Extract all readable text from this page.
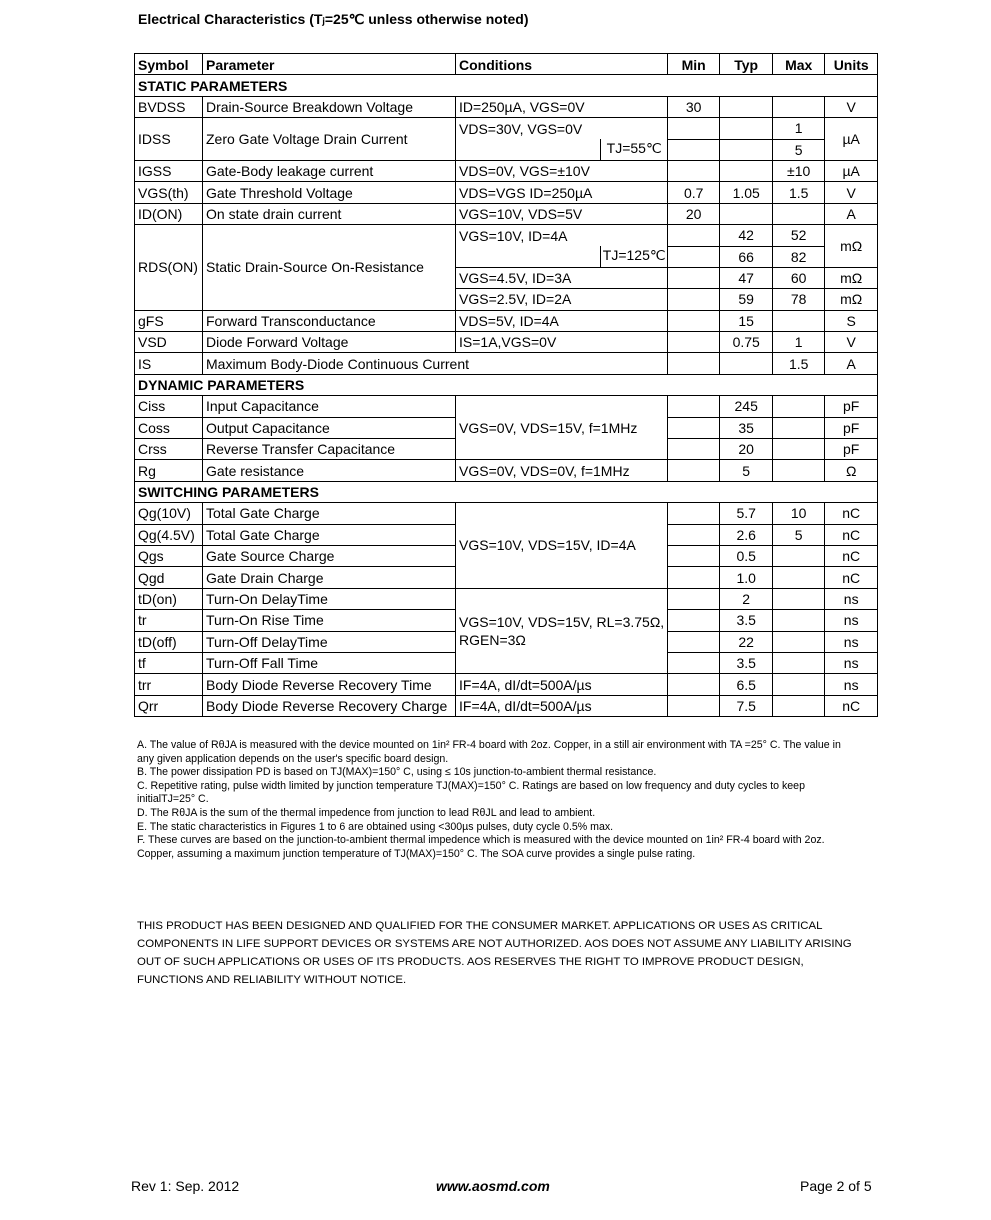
Electrical Characteristics (Tⱼ=25℃ unless otherwise noted)
Symbol	Parameter	Conditions	Min	Typ	Max	Units
STATIC PARAMETERS						
BVDSS	Drain-Source Breakdown Voltage	ID=250µA, VGS=0V	30			V
IDSS	Zero Gate Voltage Drain Current	VDS=30V, VGS=0V			1	µA

		TJ=55℃			5	
IGSS	Gate-Body leakage current	VDS=0V, VGS=±10V			±10	µA
VGS(th)	Gate Threshold Voltage	VDS=VGS ID=250µA	0.7	1.05	1.5	V
ID(ON)	On state drain current	VGS=10V, VDS=5V	20			A
RDS(ON)	Static Drain-Source On-Resistance	VGS=10V, ID=4A		42	52	mΩ

		TJ=125℃		66	82	
		VGS=4.5V, ID=3A		47	60	mΩ
		VGS=2.5V, ID=2A		59	78	mΩ
gFS	Forward Transconductance	VDS=5V, ID=4A		15		S
VSD	Diode Forward Voltage	IS=1A,VGS=0V		0.75	1	V
IS	Maximum Body-Diode Continuous Current				1.5	A
DYNAMIC PARAMETERS						
Ciss	Input Capacitance	VGS=0V, VDS=15V, f=1MHz		245		pF
Coss	Output Capacitance			35		pF
Crss	Reverse Transfer Capacitance			20		pF
Rg	Gate resistance	VGS=0V, VDS=0V, f=1MHz		5		Ω
SWITCHING PARAMETERS						
Qg(10V)	Total Gate Charge	VGS=10V, VDS=15V, ID=4A		5.7	10	nC
Qg(4.5V)	Total Gate Charge			2.6	5	nC
Qgs	Gate Source Charge			0.5		nC
Qgd	Gate Drain Charge			1.0		nC
tD(on)	Turn-On DelayTime	VGS=10V, VDS=15V, RL=3.75Ω,
RGEN=3Ω		2		ns
tr	Turn-On Rise Time			3.5		ns
tD(off)	Turn-Off DelayTime			22		ns
tf	Turn-Off Fall Time			3.5		ns
trr	Body Diode Reverse Recovery Time	IF=4A, dI/dt=500A/µs		6.5		ns
Qrr	Body Diode Reverse Recovery Charge	IF=4A, dI/dt=500A/µs		7.5		nC

A. The value of RθJA is measured with the device mounted on 1in² FR-4 board with 2oz. Copper, in a still air environment with TA =25° C. The value in any given application depends on the user's specific board design.

B. The power dissipation PD is based on TJ(MAX)=150° C, using ≤ 10s junction-to-ambient thermal resistance.

C. Repetitive rating, pulse width limited by junction temperature TJ(MAX)=150° C. Ratings are based on low frequency and duty cycles to keep initialTJ=25° C.

D. The RθJA is the sum of the thermal impedence from junction to lead RθJL and lead to ambient.

E. The static characteristics in Figures 1 to 6 are obtained using <300µs pulses, duty cycle 0.5% max.

F. These curves are based on the junction-to-ambient thermal impedence which is measured with the device mounted on 1in² FR-4 board with 2oz. Copper, assuming a maximum junction temperature of TJ(MAX)=150° C. The SOA curve provides a single pulse rating.

THIS PRODUCT HAS BEEN DESIGNED AND QUALIFIED FOR THE CONSUMER MARKET. APPLICATIONS OR USES AS CRITICAL COMPONENTS IN LIFE SUPPORT DEVICES OR SYSTEMS ARE NOT AUTHORIZED. AOS DOES NOT ASSUME ANY LIABILITY ARISING OUT OF SUCH APPLICATIONS OR USES OF ITS PRODUCTS. AOS RESERVES THE RIGHT TO IMPROVE PRODUCT DESIGN, FUNCTIONS AND RELIABILITY WITHOUT NOTICE.
Rev 1: Sep. 2012	www.aosmd.com	Page 2 of 5
